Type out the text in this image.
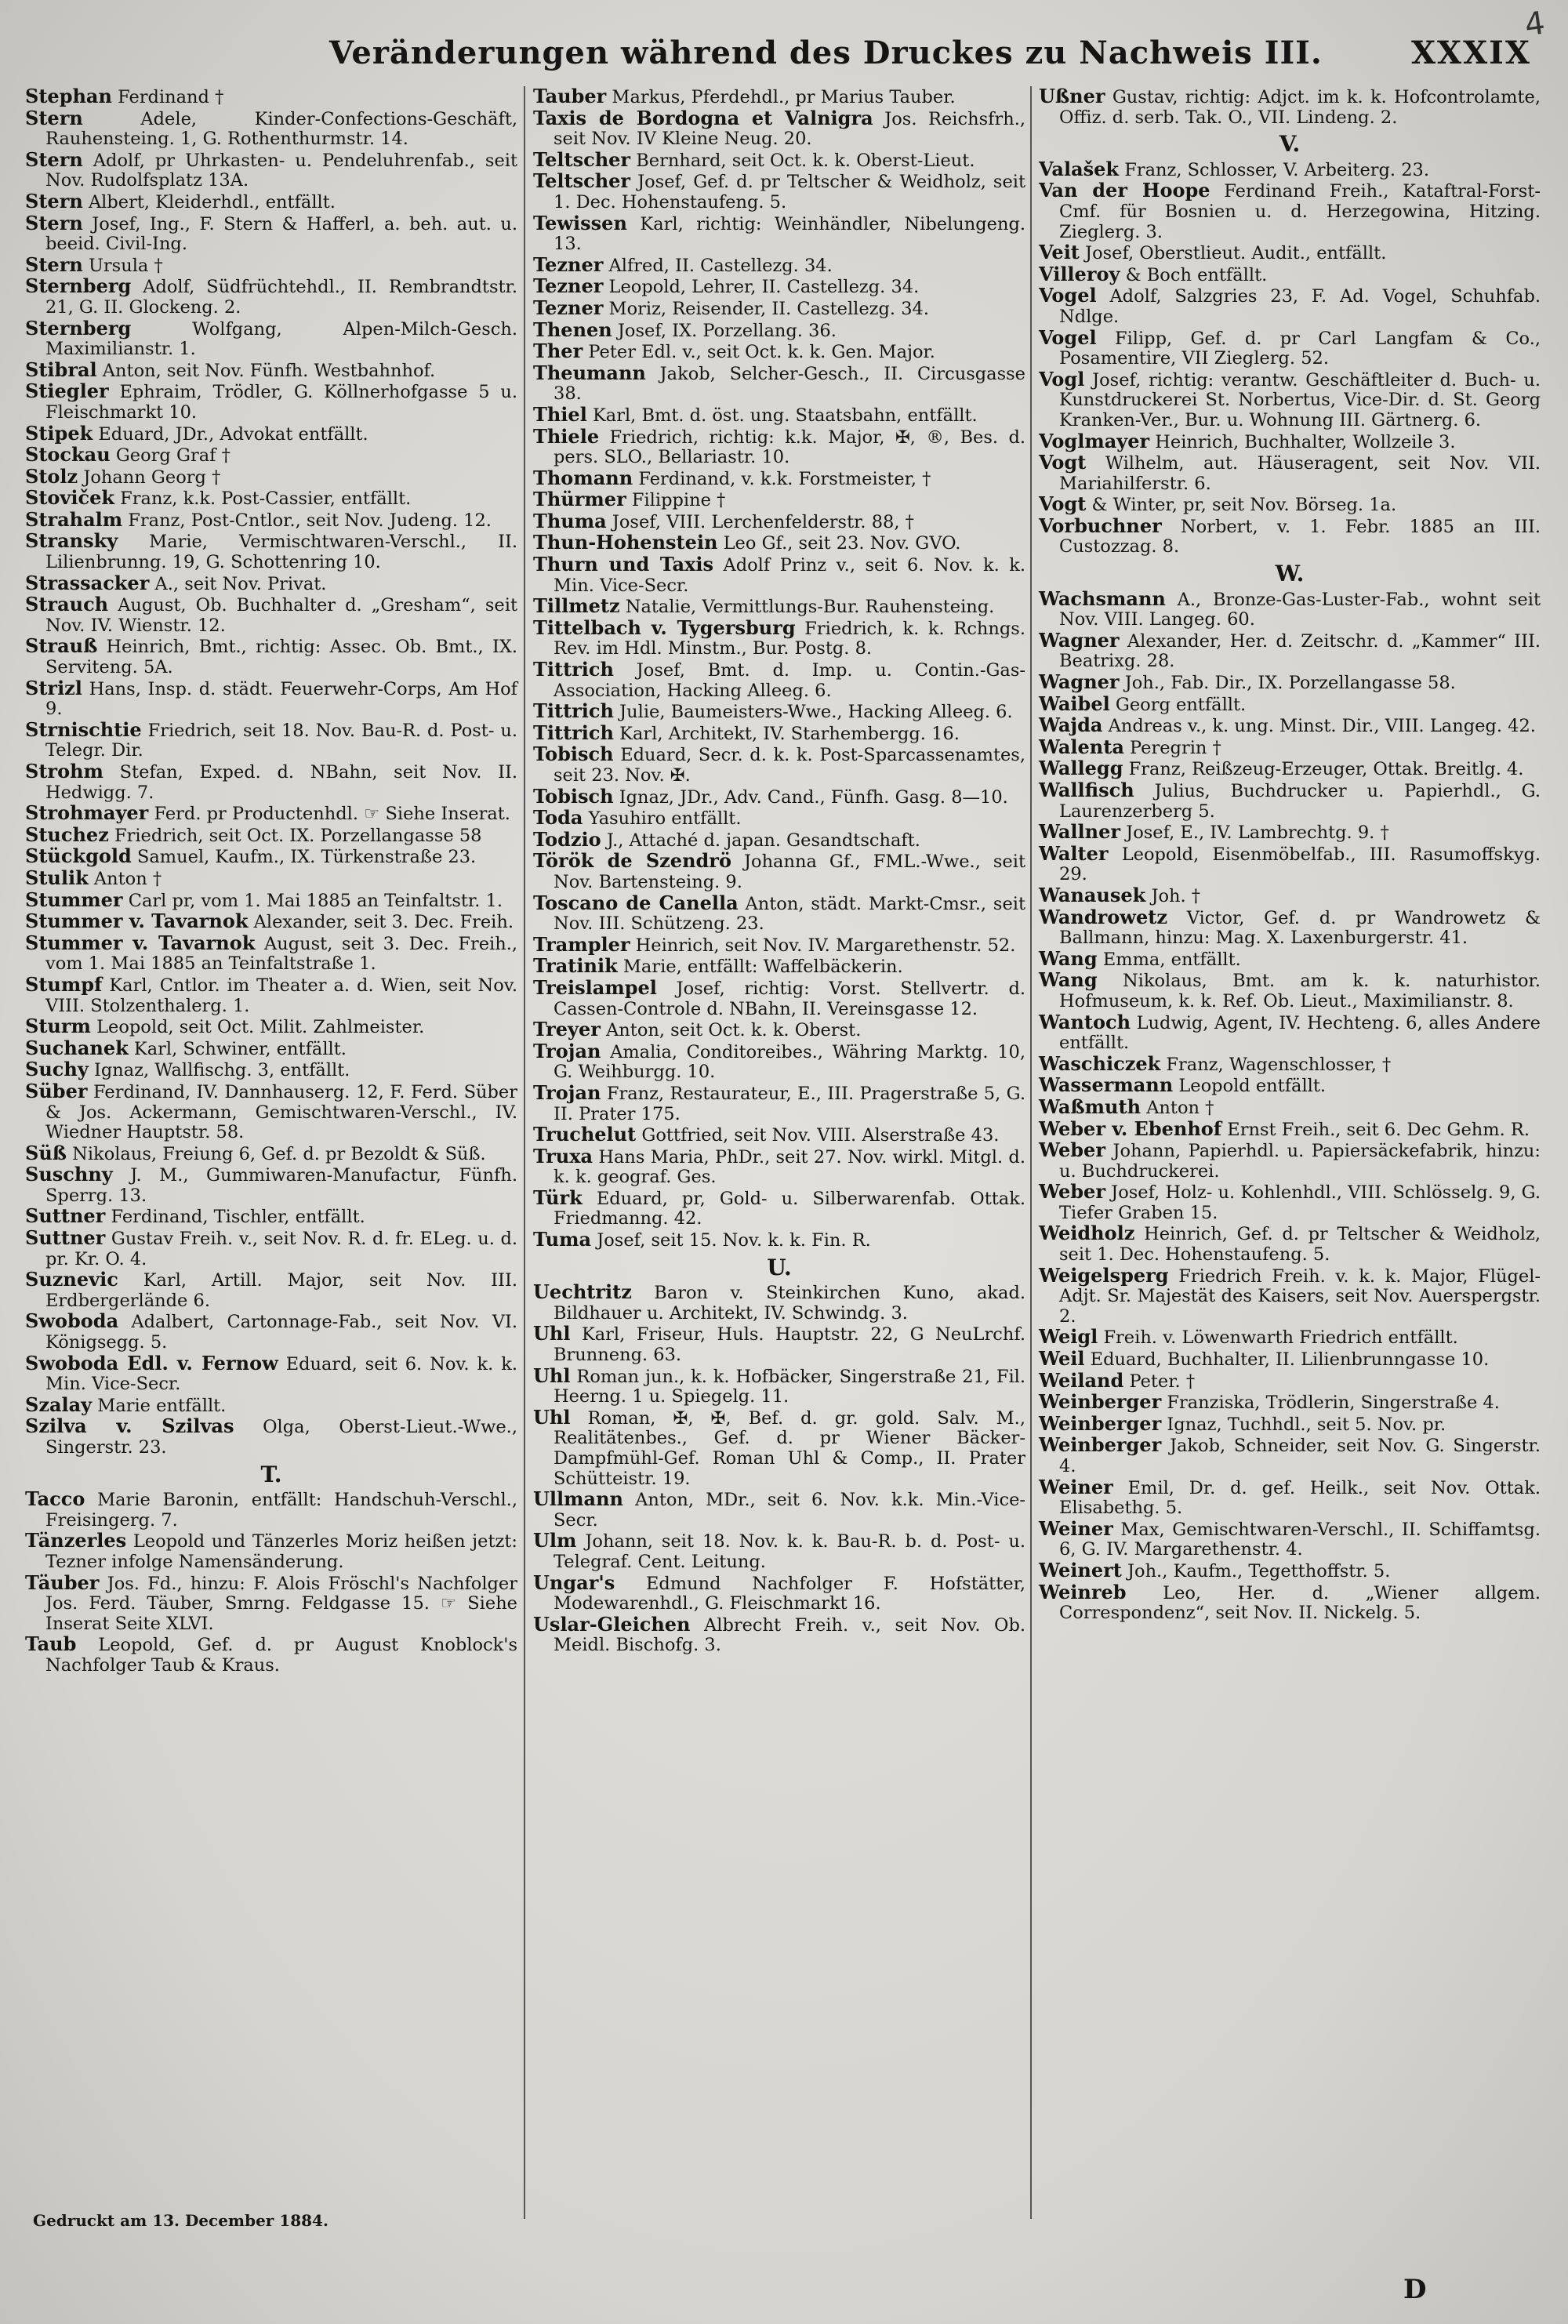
Veränderungen während des Druckes zu Nachweis III.	XXXIX
4
Stephan Ferdinand †
Stern	Adele, Kinder-Confections-Geschäft, Rauhensteing. 1, G. Rothenthurmstr. 14.
Stern Adolf, pr Uhrkasten- u. Pendeluhrenfab., seit Nov. Rudolfsplatz 13A.
Stern Albert, Kleiderhdl., entfällt.
Stern Josef, Ing., F. Stern & Hafferl, a. beh. aut. u. beeid. Civil-Ing.
Stern Ursula †
Sternberg Adolf, Südfrüchtehdl., II. Rembrandtstr. 21, G. II. Glockeng. 2.
Sternberg	Wolfgang, Alpen-Milch-Gesch. Maximilianstr. 1.
Stibral Anton, seit Nov. Fünfh. Westbahnhof.
Stiegler Ephraim, Trödler, G. Köllnerhofgasse 5 u. Fleischmarkt 10.
Stipek Eduard, JDr., Advokat entfällt.
Stockau Georg Graf †
Stolz Johann Georg †
Stoviček Franz, k.k. Post-Cassier, entfällt.
Strahalm Franz, Post-Cntlor., seit Nov. Judeng. 12.
Stransky Marie, Vermischtwaren-Verschl., II. Lilienbrunng. 19, G. Schottenring 10.
Strassacker A., seit Nov. Privat.
Strauch August, Ob. Buchhalter d. „Gresham“, seit Nov. IV. Wienstr. 12.
Strauß Heinrich, Bmt., richtig: Assec. Ob. Bmt., IX. Serviteng. 5A.
Strizl Hans, Insp. d. städt. Feuerwehr-Corps, Am Hof 9.
Strnischtie Friedrich, seit 18. Nov. Bau-R. d. Post- u. Telegr. Dir.
Strohm Stefan, Exped. d. NBahn, seit Nov. II. Hedwigg. 7.
Strohmayer Ferd. pr Productenhdl. ☞ Siehe Inserat.
Stuchez Friedrich, seit Oct. IX. Porzellangasse 58
Stückgold Samuel, Kaufm., IX. Türkenstraße 23.
Stulik Anton †
Stummer Carl pr, vom 1. Mai 1885 an Teinfaltstr. 1.
Stummer v. Tavarnok Alexander, seit 3. Dec. Freih.
Stummer v. Tavarnok August, seit 3. Dec. Freih., vom 1. Mai 1885 an Teinfaltstraße 1.
Stumpf Karl, Cntlor. im Theater a. d. Wien, seit Nov. VIII. Stolzenthalerg. 1.
Sturm Leopold, seit Oct. Milit. Zahlmeister.
Suchanek Karl, Schwiner, entfällt.
Suchy Ignaz, Wallfischg. 3, entfällt.
Süber Ferdinand, IV. Dannhauserg. 12, F. Ferd. Süber & Jos. Ackermann, Gemischtwaren-Verschl., IV. Wiedner Hauptstr. 58.
Süß Nikolaus, Freiung 6, Gef. d. pr Bezoldt & Süß.
Suschny J. M., Gummiwaren-Manufactur, Fünfh. Sperrg. 13.
Suttner Ferdinand, Tischler, entfällt.
Suttner Gustav Freih. v., seit Nov. R. d. fr. ELeg. u. d. pr. Kr. O. 4.
Suznevic Karl, Artill. Major, seit Nov. III. Erdbergerlände 6.
Swoboda Adalbert, Cartonnage-Fab., seit Nov. VI. Königsegg. 5.
Swoboda Edl. v. Fernow Eduard, seit 6. Nov. k. k. Min. Vice-Secr.
Szalay Marie entfällt.
Szilva v. Szilvas Olga, Oberst-Lieut.-Wwe., Singerstr. 23.
T.
Tacco Marie Baronin, entfällt: Handschuh-Verschl., Freisingerg. 7.
Tänzerles Leopold und Tänzerles Moriz heißen jetzt: Tezner infolge Namensänderung.
Täuber Jos. Fd., hinzu: F. Alois Fröschl's Nachfolger Jos. Ferd. Täuber, Smrng. Feldgasse 15. ☞ Siehe Inserat Seite XLVI.
Taub Leopold, Gef. d. pr August Knoblock's Nachfolger Taub & Kraus.
Tauber Markus, Pferdehdl., pr Marius Tauber.
Taxis de Bordogna et Valnigra Jos. Reichsfrh., seit Nov. IV Kleine Neug. 20.
Teltscher Bernhard, seit Oct. k. k. Oberst-Lieut.
Teltscher Josef, Gef. d. pr Teltscher & Weidholz, seit 1. Dec. Hohenstaufeng. 5.
Tewissen Karl, richtig: Weinhändler, Nibelungeng. 13.
Tezner Alfred, II. Castellezg. 34.
Tezner Leopold, Lehrer, II. Castellezg. 34.
Tezner Moriz, Reisender, II. Castellezg. 34.
Thenen Josef, IX. Porzellang. 36.
Ther Peter Edl. v., seit Oct. k. k. Gen. Major.
Theumann Jakob, Selcher-Gesch., II. Circusgasse 38.
Thiel Karl, Bmt. d. öst. ung. Staatsbahn, entfällt.
Thiele Friedrich, richtig: k.k. Major, ✠, ®, Bes. d. pers. SLO., Bellariastr. 10.
Thomann Ferdinand, v. k.k. Forstmeister, †
Thürmer Filippine †
Thuma Josef, VIII. Lerchenfelderstr. 88, †
Thun-Hohenstein Leo Gf., seit 23. Nov. GVO.
Thurn und Taxis Adolf Prinz v., seit 6. Nov. k. k. Min. Vice-Secr.
Tillmetz Natalie, Vermittlungs-Bur. Rauhensteing.
Tittelbach v. Tygersburg Friedrich, k. k. Rchngs. Rev. im Hdl. Minstm., Bur. Postg. 8.
Tittrich Josef, Bmt. d. Imp. u. Contin.-Gas-Association, Hacking Alleeg. 6.
Tittrich Julie, Baumeisters-Wwe., Hacking Alleeg. 6.
Tittrich Karl, Architekt, IV. Starhembergg. 16.
Tobisch Eduard, Secr. d. k. k. Post-Sparcassenamtes, seit 23. Nov. ✠.
Tobisch Ignaz, JDr., Adv. Cand., Fünfh. Gasg. 8—10.
Toda Yasuhiro entfällt.
Todzio J., Attaché d. japan. Gesandtschaft.
Török de Szendrö Johanna Gf., FML.-Wwe., seit Nov. Bartensteing. 9.
Toscano de Canella Anton, städt. Markt-Cmsr., seit Nov. III. Schützeng. 23.
Trampler Heinrich, seit Nov. IV. Margarethenstr. 52.
Tratinik Marie, entfällt: Waffelbäckerin.
Treislampel Josef, richtig: Vorst. Stellvertr. d. Cassen-Controle d. NBahn, II. Vereinsgasse 12.
Treyer Anton, seit Oct. k. k. Oberst.
Trojan Amalia, Conditoreibes., Währing Marktg. 10, G. Weihburgg. 10.
Trojan Franz, Restaurateur, E., III. Pragerstraße 5, G. II. Prater 175.
Truchelut Gottfried, seit Nov. VIII. Alserstraße 43.
Truxa Hans Maria, PhDr., seit 27. Nov. wirkl. Mitgl. d. k. k. geograf. Ges.
Türk Eduard, pr, Gold- u. Silberwarenfab. Ottak. Friedmanng. 42.
Tuma Josef, seit 15. Nov. k. k. Fin. R.
U.
Uechtritz Baron v. Steinkirchen Kuno, akad. Bildhauer u. Architekt, IV. Schwindg. 3.
Uhl Karl, Friseur, Huls. Hauptstr. 22, G NeuLrchf. Brunneng. 63.
Uhl Roman jun., k. k. Hofbäcker, Singerstraße 21, Fil. Heerng. 1 u. Spiegelg. 11.
Uhl Roman, ✠, ✠, Bef. d. gr. gold. Salv. M., Realitätenbes., Gef. d. pr Wiener Bäcker-Dampfmühl-Gef. Roman Uhl & Comp., II. Prater Schütteistr. 19.
Ullmann Anton, MDr., seit 6. Nov. k.k. Min.-Vice-Secr.
Ulm Johann, seit 18. Nov. k. k. Bau-R. b. d. Post- u. Telegraf. Cent. Leitung.
Ungar's Edmund Nachfolger F. Hofstätter, Modewarenhdl., G. Fleischmarkt 16.
Uslar-Gleichen Albrecht Freih. v., seit Nov. Ob. Meidl. Bischofg. 3.
Ußner Gustav, richtig: Adjct. im k. k. Hofcontrolamte, Offiz. d. serb. Tak. O., VII. Lindeng. 2.
V.
Valašek Franz, Schlosser, V. Arbeiterg. 23.
Van der Hoope Ferdinand Freih., Kataftral-Forst-Cmf. für Bosnien u. d. Herzegowina, Hitzing. Zieglerg. 3.
Veit Josef, Oberstlieut. Audit., entfällt.
Villeroy & Boch entfällt.
Vogel Adolf, Salzgries 23, F. Ad. Vogel, Schuhfab. Ndlge.
Vogel Filipp, Gef. d. pr Carl Langfam & Co., Posamentire, VII Zieglerg. 52.
Vogl Josef, richtig: verantw. Geschäftleiter d. Buch- u. Kunstdruckerei St. Norbertus, Vice-Dir. d. St. Georg Kranken-Ver., Bur. u. Wohnung III. Gärtnerg. 6.
Voglmayer Heinrich, Buchhalter, Wollzeile 3.
Vogt Wilhelm, aut. Häuseragent, seit Nov. VII. Mariahilferstr. 6.
Vogt & Winter, pr, seit Nov. Börseg. 1a.
Vorbuchner Norbert, v. 1. Febr. 1885 an III. Custozzag. 8.
W.
Wachsmann A., Bronze-Gas-Luster-Fab., wohnt seit Nov. VIII. Langeg. 60.
Wagner Alexander, Her. d. Zeitschr. d. „Kammer“ III. Beatrixg. 28.
Wagner Joh., Fab. Dir., IX. Porzellangasse 58.
Waibel Georg entfällt.
Wajda Andreas v., k. ung. Minst. Dir., VIII. Langeg. 42.
Walenta Peregrin †
Wallegg Franz, Reißzeug-Erzeuger, Ottak. Breitlg. 4.
Wallfisch Julius, Buchdrucker u. Papierhdl., G. Laurenzerberg 5.
Wallner Josef, E., IV. Lambrechtg. 9. †
Walter Leopold, Eisenmöbelfab., III. Rasumoffskyg. 29.
Wanausek Joh. †
Wandrowetz Victor, Gef. d. pr Wandrowetz & Ballmann, hinzu: Mag. X. Laxenburgerstr. 41.
Wang Emma, entfällt.
Wang Nikolaus, Bmt. am k. k. naturhistor. Hofmuseum, k. k. Ref. Ob. Lieut., Maximilianstr. 8.
Wantoch Ludwig, Agent, IV. Hechteng. 6, alles Andere entfällt.
Waschiczek Franz, Wagenschlosser, †
Wassermann Leopold entfällt.
Waßmuth Anton †
Weber v. Ebenhof Ernst Freih., seit 6. Dec Gehm. R.
Weber Johann, Papierhdl. u. Papiersäckefabrik, hinzu: u. Buchdruckerei.
Weber Josef, Holz- u. Kohlenhdl., VIII. Schlösselg. 9, G. Tiefer Graben 15.
Weidholz Heinrich, Gef. d. pr Teltscher & Weidholz, seit 1. Dec. Hohenstaufeng. 5.
Weigelsperg Friedrich Freih. v. k. k. Major, Flügel-Adjt. Sr. Majestät des Kaisers, seit Nov. Auerspergstr. 2.
Weigl Freih. v. Löwenwarth Friedrich entfällt.
Weil Eduard, Buchhalter, II. Lilienbrunngasse 10.
Weiland Peter. †
Weinberger Franziska, Trödlerin, Singerstraße 4.
Weinberger Ignaz, Tuchhdl., seit 5. Nov. pr.
Weinberger Jakob, Schneider, seit Nov. G. Singerstr. 4.
Weiner Emil, Dr. d. gef. Heilk., seit Nov. Ottak. Elisabethg. 5.
Weiner Max, Gemischtwaren-Verschl., II. Schiffamtsg. 6, G. IV. Margarethenstr. 4.
Weinert Joh., Kaufm., Tegetthoffstr. 5.
Weinreb Leo, Her. d. „Wiener allgem. Correspondenz“, seit Nov. II. Nickelg. 5.
Gedruckt am 13. December 1884.
D
